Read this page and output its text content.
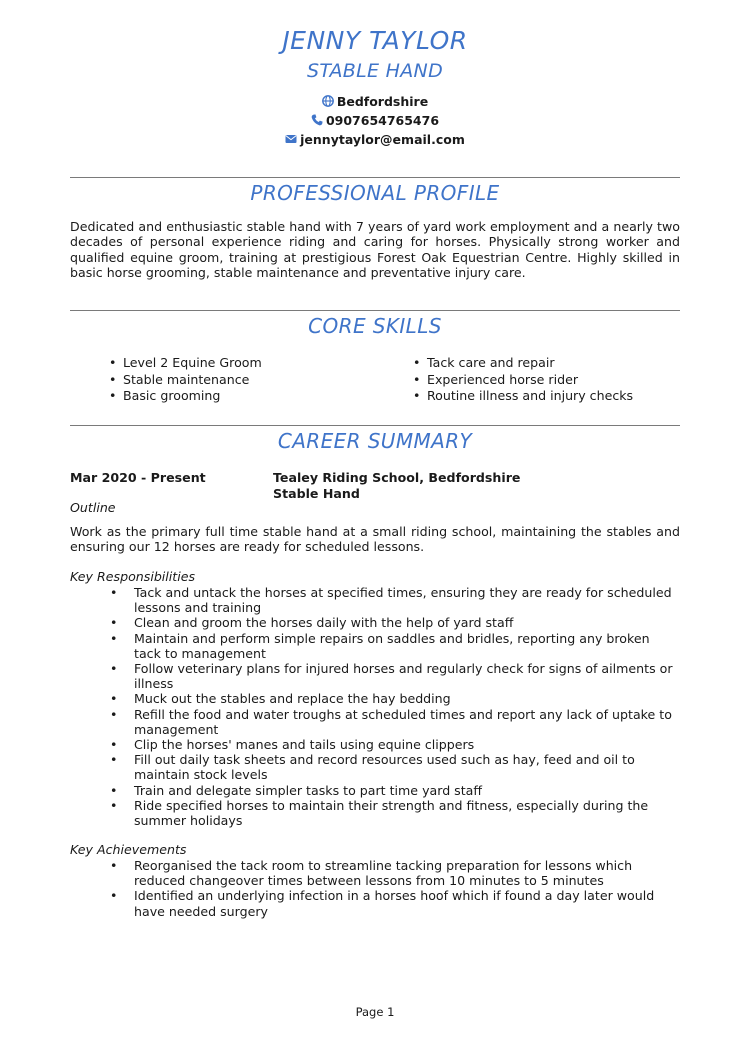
JENNY TAYLOR
STABLE HAND
Bedfordshire
0907654765476
jennytaylor@email.com
PROFESSIONAL PROFILE
Dedicated and enthusiastic stable hand with 7 years of yard work employment and a nearly two decades of personal experience riding and caring for horses. Physically strong worker and qualified equine groom, training at prestigious Forest Oak Equestrian Centre. Highly skilled in basic horse grooming, stable maintenance and preventative injury care.
CORE SKILLS
• Level 2 Equine Groom
• Stable maintenance
• Basic grooming
• Tack care and repair
• Experienced horse rider
• Routine illness and injury checks
CAREER SUMMARY
Mar 2020 - Present	Tealey Riding School, Bedfordshire
Stable Hand
Outline
Work as the primary full time stable hand at a small riding school, maintaining the stables and ensuring our 12 horses are ready for scheduled lessons.
Key Responsibilities
• Tack and untack the horses at specified times, ensuring they are ready for scheduled lessons and training
• Clean and groom the horses daily with the help of yard staff
• Maintain and perform simple repairs on saddles and bridles, reporting any broken tack to management
• Follow veterinary plans for injured horses and regularly check for signs of ailments or illness
• Muck out the stables and replace the hay bedding
• Refill the food and water troughs at scheduled times and report any lack of uptake to management
• Clip the horses' manes and tails using equine clippers
• Fill out daily task sheets and record resources used such as hay, feed and oil to maintain stock levels
• Train and delegate simpler tasks to part time yard staff
• Ride specified horses to maintain their strength and fitness, especially during the summer holidays
Key Achievements
• Reorganised the tack room to streamline tacking preparation for lessons which reduced changeover times between lessons from 10 minutes to 5 minutes
• Identified an underlying infection in a horses hoof which if found a day later would have needed surgery
Page 1
